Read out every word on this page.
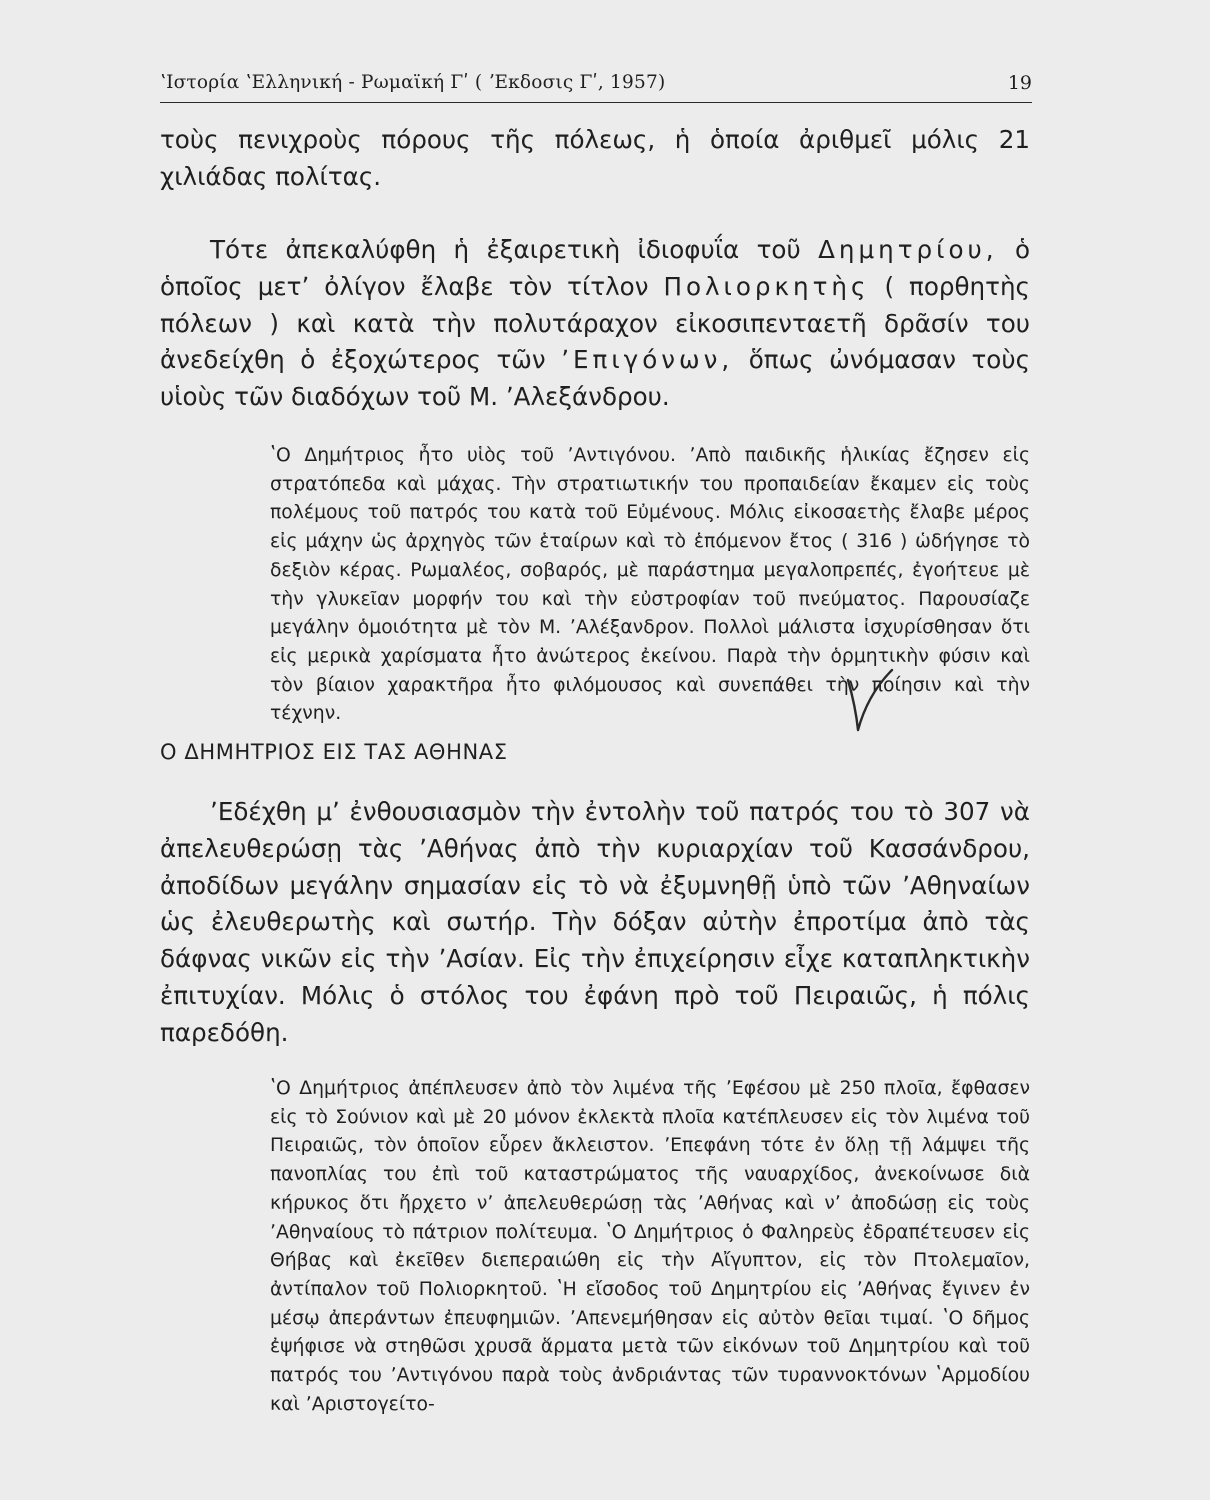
ʽΙστορία ʽΕλληνική - Ρωμαϊκή Γʹ ( ʼΕκδοσις Γʹ, 1957)	19

τοὺς πενιχροὺς πόρους τῆς πόλεως, ἡ ὁποία ἀριθμεῖ μόλις 21 χιλιάδας πολίτας.

Τότε ἀπεκαλύφθη ἡ ἐξαιρετικὴ ἰδιοφυΐα τοῦ Δημητρίου, ὁ ὁποῖος μετʼ ὀλίγον ἔλαβε τὸν τίτλον Πολιορκητὴς ( πορθητὴς πόλεων ) καὶ κατὰ τὴν πολυτάραχον εἰκοσιπενταετῆ δρᾶσίν του ἀνεδείχθη ὁ ἐξοχώτερος τῶν ʼΕπιγόνων, ὅπως ὠνόμασαν τοὺς υἱοὺς τῶν διαδόχων τοῦ Μ. ʼΑλεξάνδρου.

ʽΟ Δημήτριος ἦτο υἱὸς τοῦ ʼΑντιγόνου. ʼΑπὸ παιδικῆς ἡλικίας ἔζησεν εἰς στρατόπεδα καὶ μάχας. Τὴν στρατιωτικήν του προπαιδείαν ἔκαμεν εἰς τοὺς πολέμους τοῦ πατρός του κατὰ τοῦ Εὐμένους. Μόλις εἰκοσαετὴς ἔλαβε μέρος εἰς μάχην ὡς ἀρχηγὸς τῶν ἑταίρων καὶ τὸ ἑπόμενον ἔτος ( 316 ) ὡδήγησε τὸ δεξιὸν κέρας. Ρωμαλέος, σοβαρός, μὲ παράστημα μεγαλοπρεπές, ἐγοήτευε μὲ τὴν γλυκεῖαν μορφήν του καὶ τὴν εὐστροφίαν τοῦ πνεύματος. Παρουσίαζε μεγάλην ὁμοιότητα μὲ τὸν Μ. ʼΑλέξανδρον. Πολλοὶ μάλιστα ἰσχυρίσθησαν ὅτι εἰς μερικὰ χαρίσματα ἦτο ἀνώτερος ἐκείνου. Παρὰ τὴν ὁρμητικὴν φύσιν καὶ τὸν βίαιον χαρακτῆρα ἦτο φιλόμουσος καὶ συνεπάθει τὴν ποίησιν καὶ τὴν τέχνην.

Ο ΔΗΜΗΤΡΙΟΣ ΕΙΣ ΤΑΣ ΑΘΗΝΑΣ

ʼΕδέχθη μʼ ἐνθουσιασμὸν τὴν ἐντολὴν τοῦ πατρός του τὸ 307 νὰ ἀπελευθερώσῃ τὰς ʼΑθήνας ἀπὸ τὴν κυριαρχίαν τοῦ Κασσάνδρου, ἀποδίδων μεγάλην σημασίαν εἰς τὸ νὰ ἐξυμνηθῇ ὑπὸ τῶν ʼΑθηναίων ὡς ἐλευθερωτὴς καὶ σωτήρ. Τὴν δόξαν αὐτὴν ἐπροτίμα ἀπὸ τὰς δάφνας νικῶν εἰς τὴν ʼΑσίαν. Εἰς τὴν ἐπιχείρησιν εἶχε καταπληκτικὴν ἐπιτυχίαν. Μόλις ὁ στόλος του ἐφάνη πρὸ τοῦ Πειραιῶς, ἡ πόλις παρεδόθη.

ʽΟ Δημήτριος ἀπέπλευσεν ἀπὸ τὸν λιμένα τῆς ʼΕφέσου μὲ 250 πλοῖα, ἔφθασεν εἰς τὸ Σούνιον καὶ μὲ 20 μόνον ἐκλεκτὰ πλοῖα κατέπλευσεν εἰς τὸν λιμένα τοῦ Πειραιῶς, τὸν ὁποῖον εὗρεν ἄκλειστον. ʼΕπεφάνη τότε ἐν ὅλῃ τῇ λάμψει τῆς πανοπλίας του ἐπὶ τοῦ καταστρώματος τῆς ναυαρχίδος, ἀνεκοίνωσε διὰ κήρυκος ὅτι ἤρχετο νʼ ἀπελευθερώσῃ τὰς ʼΑθήνας καὶ νʼ ἀποδώσῃ εἰς τοὺς ʼΑθηναίους τὸ πάτριον πολίτευμα. ʽΟ Δημήτριος ὁ Φαληρεὺς ἐδραπέτευσεν εἰς Θήβας καὶ ἐκεῖθεν διεπεραιώθη εἰς τὴν Αἴγυπτον, εἰς τὸν Πτολεμαῖον, ἀντίπαλον τοῦ Πολιορκητοῦ. ʽΗ εἴσοδος τοῦ Δημητρίου εἰς ʼΑθήνας ἔγινεν ἐν μέσῳ ἀπεράντων ἐπευφημιῶν. ʼΑπενεμήθησαν εἰς αὐτὸν θεῖαι τιμαί. ʽΟ δῆμος ἐψήφισε νὰ στηθῶσι χρυσᾶ ἅρματα μετὰ τῶν εἰκόνων τοῦ Δημητρίου καὶ τοῦ πατρός του ʼΑντιγόνου παρὰ τοὺς ἀνδριάντας τῶν τυραννοκτόνων ʽΑρμοδίου καὶ ʼΑριστογείτο-
